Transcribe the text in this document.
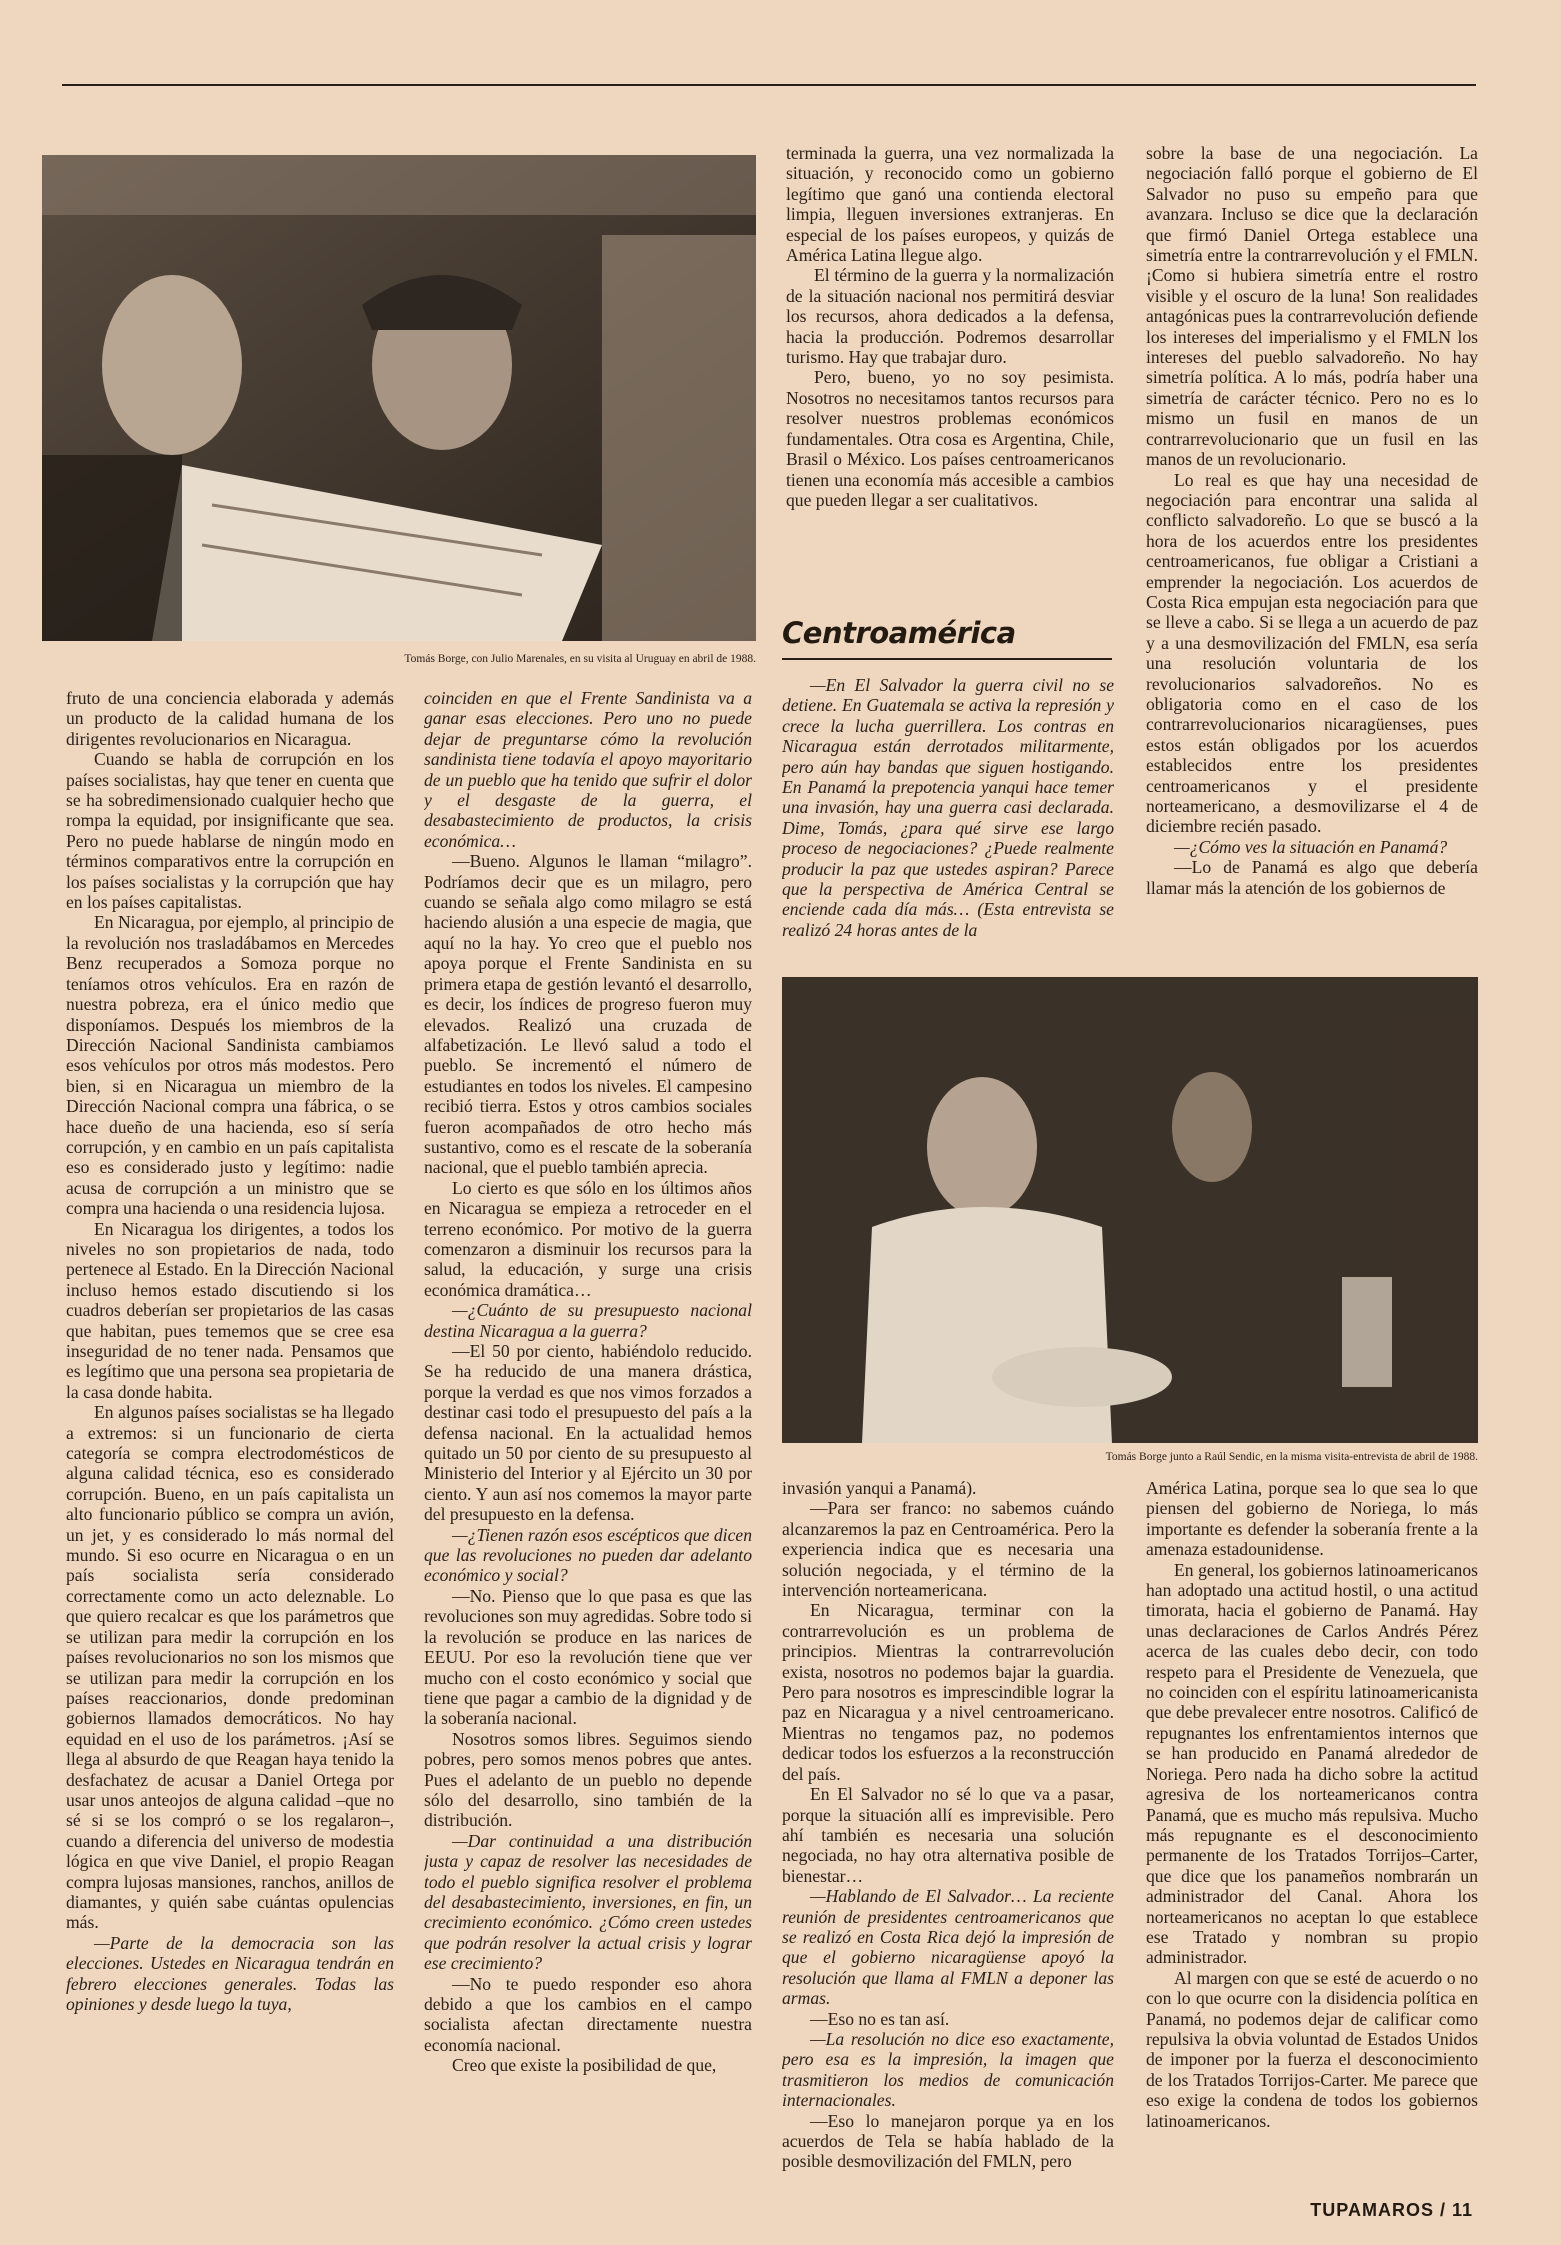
Tomás Borge, con Julio Marenales, en su visita al Uruguay en abril de 1988.

fruto de una conciencia elaborada y además un producto de la calidad humana de los dirigentes revolucionarios en Nicaragua.

Cuando se habla de corrupción en los países socialistas, hay que tener en cuenta que se ha sobredimensionado cualquier hecho que rompa la equidad, por insignificante que sea. Pero no puede hablarse de ningún modo en términos comparativos entre la corrupción en los países socialistas y la corrupción que hay en los países capitalistas.

En Nicaragua, por ejemplo, al principio de la revolución nos trasladábamos en Mercedes Benz recuperados a Somoza porque no teníamos otros vehículos. Era en razón de nuestra pobreza, era el único medio que disponíamos. Después los miembros de la Dirección Nacional Sandinista cambiamos esos vehículos por otros más modestos. Pero bien, si en Nicaragua un miembro de la Dirección Nacional compra una fábrica, o se hace dueño de una hacienda, eso sí sería corrupción, y en cambio en un país capitalista eso es considerado justo y legítimo: nadie acusa de corrupción a un ministro que se compra una hacienda o una residencia lujosa.

En Nicaragua los dirigentes, a todos los niveles no son propietarios de nada, todo pertenece al Estado. En la Dirección Nacional incluso hemos estado discutiendo si los cuadros deberían ser propietarios de las casas que habitan, pues tememos que se cree esa inseguridad de no tener nada. Pensamos que es legítimo que una persona sea propietaria de la casa donde habita.

En algunos países socialistas se ha llegado a extremos: si un funcionario de cierta categoría se compra electrodomésticos de alguna calidad técnica, eso es considerado corrupción. Bueno, en un país capitalista un alto funcionario público se compra un avión, un jet, y es considerado lo más normal del mundo. Si eso ocurre en Nicaragua o en un país socialista sería considerado correctamente como un acto deleznable. Lo que quiero recalcar es que los parámetros que se utilizan para medir la corrupción en los países revolucionarios no son los mismos que se utilizan para medir la corrupción en los países reaccionarios, donde predominan gobiernos llamados democráticos. No hay equidad en el uso de los parámetros. ¡Así se llega al absurdo de que Reagan haya tenido la desfachatez de acusar a Daniel Ortega por usar unos anteojos de alguna calidad –que no sé si se los compró o se los regalaron–, cuando a diferencia del universo de modestia lógica en que vive Daniel, el propio Reagan compra lujosas mansiones, ranchos, anillos de diamantes, y quién sabe cuántas opulencias más.

—Parte de la democracia son las elecciones. Ustedes en Nicaragua tendrán en febrero elecciones generales. Todas las opiniones y desde luego la tuya,

coinciden en que el Frente Sandinista va a ganar esas elecciones. Pero uno no puede dejar de preguntarse cómo la revolución sandinista tiene todavía el apoyo mayoritario de un pueblo que ha tenido que sufrir el dolor y el desgaste de la guerra, el desabastecimiento de productos, la crisis económica…

—Bueno. Algunos le llaman “milagro”. Podríamos decir que es un milagro, pero cuando se señala algo como milagro se está haciendo alusión a una especie de magia, que aquí no la hay. Yo creo que el pueblo nos apoya porque el Frente Sandinista en su primera etapa de gestión levantó el desarrollo, es decir, los índices de progreso fueron muy elevados. Realizó una cruzada de alfabetización. Le llevó salud a todo el pueblo. Se incrementó el número de estudiantes en todos los niveles. El campesino recibió tierra. Estos y otros cambios sociales fueron acompañados de otro hecho más sustantivo, como es el rescate de la soberanía nacional, que el pueblo también aprecia.

Lo cierto es que sólo en los últimos años en Nicaragua se empieza a retroceder en el terreno económico. Por motivo de la guerra comenzaron a disminuir los recursos para la salud, la educación, y surge una crisis económica dramática…

—¿Cuánto de su presupuesto nacional destina Nicaragua a la guerra?

—El 50 por ciento, habiéndolo reducido. Se ha reducido de una manera drástica, porque la verdad es que nos vimos forzados a destinar casi todo el presupuesto del país a la defensa nacional. En la actualidad hemos quitado un 50 por ciento de su presupuesto al Ministerio del Interior y al Ejército un 30 por ciento. Y aun así nos comemos la mayor parte del presupuesto en la defensa.

—¿Tienen razón esos escépticos que dicen que las revoluciones no pueden dar adelanto económico y social?

—No. Pienso que lo que pasa es que las revoluciones son muy agredidas. Sobre todo si la revolución se produce en las narices de EEUU. Por eso la revolución tiene que ver mucho con el costo económico y social que tiene que pagar a cambio de la dignidad y de la soberanía nacional.

Nosotros somos libres. Seguimos siendo pobres, pero somos menos pobres que antes. Pues el adelanto de un pueblo no depende sólo del desarrollo, sino también de la distribución.

—Dar continuidad a una distribución justa y capaz de resolver las necesidades de todo el pueblo significa resolver el problema del desabastecimiento, inversiones, en fin, un crecimiento económico. ¿Cómo creen ustedes que podrán resolver la actual crisis y lograr ese crecimiento?

—No te puedo responder eso ahora debido a que los cambios en el campo socialista afectan directamente nuestra economía nacional.

Creo que existe la posibilidad de que,

terminada la guerra, una vez normalizada la situación, y reconocido como un gobierno legítimo que ganó una contienda electoral limpia, lleguen inversiones extranjeras. En especial de los países europeos, y quizás de América Latina llegue algo.

El término de la guerra y la normalización de la situación nacional nos permitirá desviar los recursos, ahora dedicados a la defensa, hacia la producción. Podremos desarrollar turismo. Hay que trabajar duro.

Pero, bueno, yo no soy pesimista. Nosotros no necesitamos tantos recursos para resolver nuestros problemas económicos fundamentales. Otra cosa es Argentina, Chile, Brasil o México. Los países centroamericanos tienen una economía más accesible a cambios que pueden llegar a ser cualitativos.

Centroamérica

—En El Salvador la guerra civil no se detiene. En Guatemala se activa la represión y crece la lucha guerrillera. Los contras en Nicaragua están derrotados militarmente, pero aún hay bandas que siguen hostigando. En Panamá la prepotencia yanqui hace temer una invasión, hay una guerra casi declarada. Dime, Tomás, ¿para qué sirve ese largo proceso de negociaciones? ¿Puede realmente producir la paz que ustedes aspiran? Parece que la perspectiva de América Central se enciende cada día más… (Esta entrevista se realizó 24 horas antes de la

sobre la base de una negociación. La negociación falló porque el gobierno de El Salvador no puso su empeño para que avanzara. Incluso se dice que la declaración que firmó Daniel Ortega establece una simetría entre la contrarrevolución y el FMLN. ¡Como si hubiera simetría entre el rostro visible y el oscuro de la luna! Son realidades antagónicas pues la contrarrevolución defiende los intereses del imperialismo y el FMLN los intereses del pueblo salvadoreño. No hay simetría política. A lo más, podría haber una simetría de carácter técnico. Pero no es lo mismo un fusil en manos de un contrarrevolucionario que un fusil en las manos de un revolucionario.

Lo real es que hay una necesidad de negociación para encontrar una salida al conflicto salvadoreño. Lo que se buscó a la hora de los acuerdos entre los presidentes centroamericanos, fue obligar a Cristiani a emprender la negociación. Los acuerdos de Costa Rica empujan esta negociación para que se lleve a cabo. Si se llega a un acuerdo de paz y a una desmovilización del FMLN, esa sería una resolución voluntaria de los revolucionarios salvadoreños. No es obligatoria como en el caso de los contrarrevolucionarios nicaragüenses, pues estos están obligados por los acuerdos establecidos entre los presidentes centroamericanos y el presidente norteamericano, a desmovilizarse el 4 de diciembre recién pasado.

—¿Cómo ves la situación en Panamá?

—Lo de Panamá es algo que debería llamar más la atención de los gobiernos de

Tomás Borge junto a Raúl Sendic, en la misma visita-entrevista de abril de 1988.

invasión yanqui a Panamá).

—Para ser franco: no sabemos cuándo alcanzaremos la paz en Centroamérica. Pero la experiencia indica que es necesaria una solución negociada, y el término de la intervención norteamericana.

En Nicaragua, terminar con la contrarrevolución es un problema de principios. Mientras la contrarrevolución exista, nosotros no podemos bajar la guardia. Pero para nosotros es imprescindible lograr la paz en Nicaragua y a nivel centroamericano. Mientras no tengamos paz, no podemos dedicar todos los esfuerzos a la reconstrucción del país.

En El Salvador no sé lo que va a pasar, porque la situación allí es imprevisible. Pero ahí también es necesaria una solución negociada, no hay otra alternativa posible de bienestar…

—Hablando de El Salvador… La reciente reunión de presidentes centroamericanos que se realizó en Costa Rica dejó la impresión de que el gobierno nicaragüense apoyó la resolución que llama al FMLN a deponer las armas.

—Eso no es tan así.

—La resolución no dice eso exactamente, pero esa es la impresión, la imagen que trasmitieron los medios de comunicación internacionales.

—Eso lo manejaron porque ya en los acuerdos de Tela se había hablado de la posible desmovilización del FMLN, pero

América Latina, porque sea lo que sea lo que piensen del gobierno de Noriega, lo más importante es defender la soberanía frente a la amenaza estadounidense.

En general, los gobiernos latinoamericanos han adoptado una actitud hostil, o una actitud timorata, hacia el gobierno de Panamá. Hay unas declaraciones de Carlos Andrés Pérez acerca de las cuales debo decir, con todo respeto para el Presidente de Venezuela, que no coinciden con el espíritu latinoamericanista que debe prevalecer entre nosotros. Calificó de repugnantes los enfrentamientos internos que se han producido en Panamá alrededor de Noriega. Pero nada ha dicho sobre la actitud agresiva de los norteamericanos contra Panamá, que es mucho más repulsiva. Mucho más repugnante es el desconocimiento permanente de los Tratados Torrijos–Carter, que dice que los panameños nombrarán un administrador del Canal. Ahora los norteamericanos no aceptan lo que establece ese Tratado y nombran su propio administrador.

Al margen con que se esté de acuerdo o no con lo que ocurre con la disidencia política en Panamá, no podemos dejar de calificar como repulsiva la obvia voluntad de Estados Unidos de imponer por la fuerza el desconocimiento de los Tratados Torrijos-Carter. Me parece que eso exige la condena de todos los gobiernos latinoamericanos.

TUPAMAROS / 11
